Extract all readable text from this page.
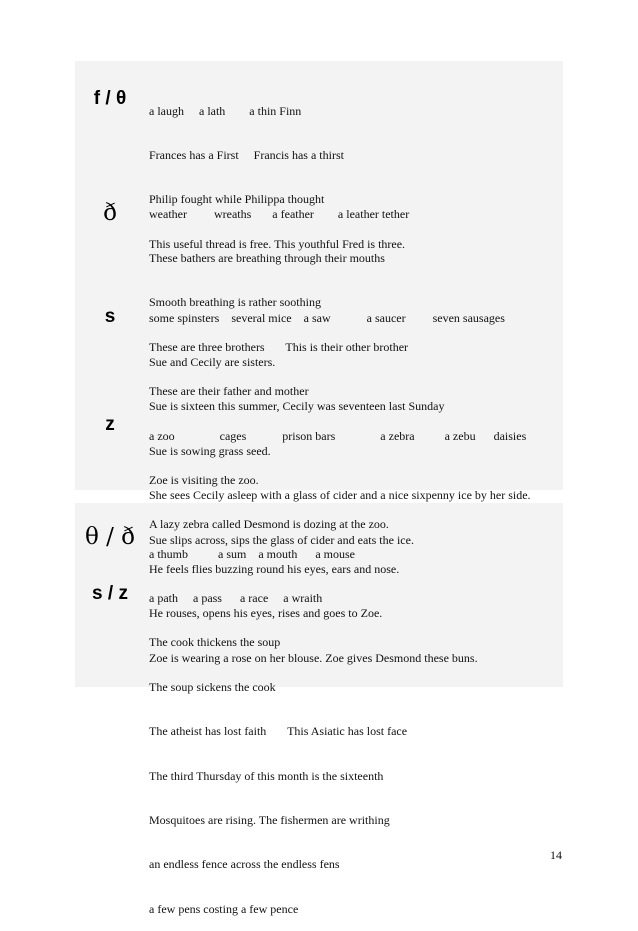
f / θ

a laugh     a lath        a thin Finn

Frances has a First     Francis has a thirst

Philip fought while Philippa thought

This useful thread is free. This youthful Fred is three.

ð

	weather         wreaths       a feather        a leather tether

These bathers are breathing through their mouths

Smooth breathing is rather soothing

These are three brothers       This is their other brother

These are their father and mother

s

	some spinsters    several mice    a saw            a saucer         seven sausages

Sue and Cecily are sisters.

Sue is sixteen this summer, Cecily was seventeen last Sunday

Sue is sowing grass seed.

She sees Cecily asleep with a glass of cider and a nice sixpenny ice by her side.

Sue slips across, sips the glass of cider and eats the ice.

z

a zoo               cages            prison bars               a zebra          a zebu      daisies

Zoe is visiting the zoo.

A lazy zebra called Desmond is dozing at the zoo.

He feels flies buzzing round his eyes, ears and nose.

He rouses, opens his eyes, rises and goes to Zoe.

Zoe is wearing a rose on her blouse. Zoe gives Desmond these buns.

θ / ð
s / z

a thumb          a sum    a mouth      a mouse

a path     a pass      a race     a wraith

The cook thickens the soup

The soup sickens the cook

The atheist has lost faith       This Asiatic has lost face

The third Thursday of this month is the sixteenth

Mosquitoes are rising. The fishermen are writhing

an endless fence across the endless fens

a few pens costing a few pence

14
